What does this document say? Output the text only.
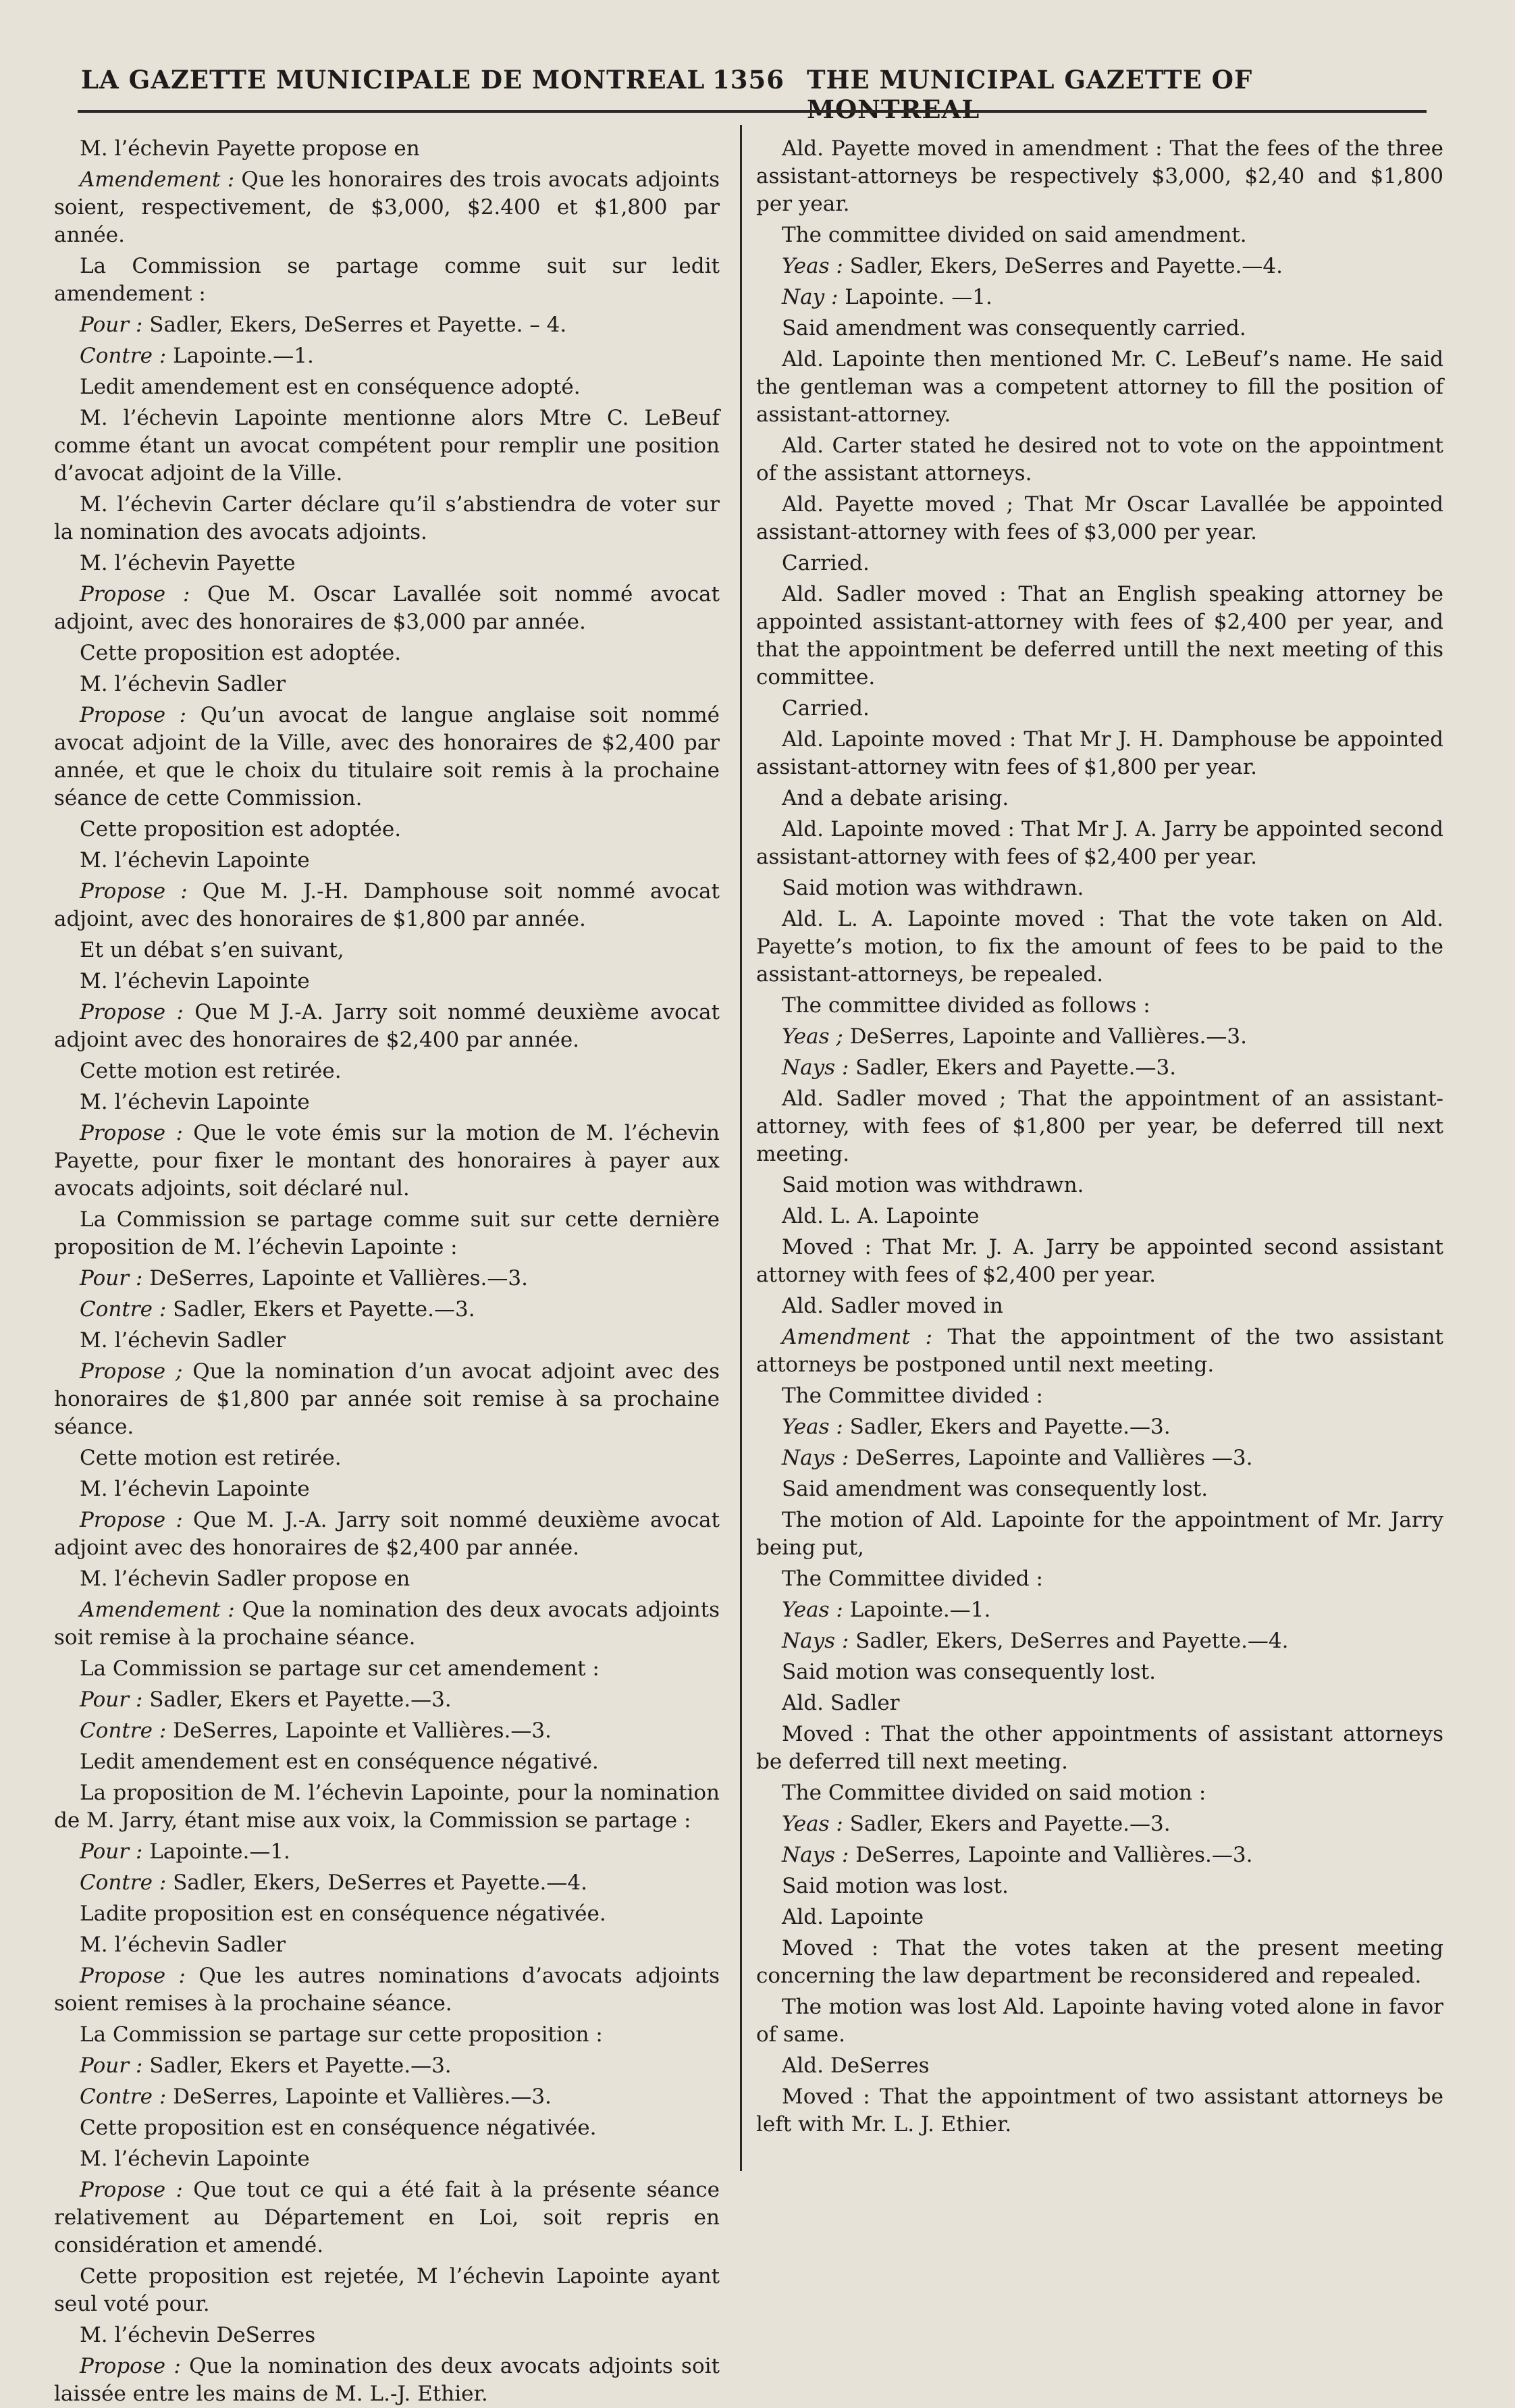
LA GAZETTE MUNICIPALE DE MONTREAL 1356 THE MUNICIPAL GAZETTE OF MONTREAL
M. l’échevin Payette propose en
Amendement : Que les honoraires des trois avocats adjoints soient, respectivement, de $3,000, $2.400 et $1,800 par année.
La Commission se partage comme suit sur ledit amendement :
Pour : Sadler, Ekers, DeSerres et Payette. – 4.
Contre : Lapointe.—1.
Ledit amendement est en conséquence adopté.
M. l’échevin Lapointe mentionne alors Mtre C. LeBeuf comme étant un avocat compétent pour remplir une position d’avocat adjoint de la Ville.
M. l’échevin Carter déclare qu’il s’abstiendra de voter sur la nomination des avocats adjoints.
M. l’échevin Payette
Propose : Que M. Oscar Lavallée soit nommé avocat adjoint, avec des honoraires de $3,000 par année.
Cette proposition est adoptée.
M. l’échevin Sadler
Propose : Qu’un avocat de langue anglaise soit nommé avocat adjoint de la Ville, avec des honoraires de $2,400 par année, et que le choix du titulaire soit remis à la prochaine séance de cette Commission.
Cette proposition est adoptée.
M. l’échevin Lapointe
Propose : Que M. J.-H. Damphouse soit nommé avocat adjoint, avec des honoraires de $1,800 par année.
Et un débat s’en suivant,
M. l’échevin Lapointe
Propose : Que M J.-A. Jarry soit nommé deuxième avocat adjoint avec des honoraires de $2,400 par année.
Cette motion est retirée.
M. l’échevin Lapointe
Propose : Que le vote émis sur la motion de M. l’échevin Payette, pour fixer le montant des honoraires à payer aux avocats adjoints, soit déclaré nul.
La Commission se partage comme suit sur cette dernière proposition de M. l’échevin Lapointe :
Pour : DeSerres, Lapointe et Vallières.—3.
Contre : Sadler, Ekers et Payette.—3.
M. l’échevin Sadler
Propose ; Que la nomination d’un avocat adjoint avec des honoraires de $1,800 par année soit remise à sa prochaine séance.
Cette motion est retirée.
M. l’échevin Lapointe
Propose : Que M. J.-A. Jarry soit nommé deuxième avocat adjoint avec des honoraires de $2,400 par année.
M. l’échevin Sadler propose en
Amendement : Que la nomination des deux avocats adjoints soit remise à la prochaine séance.
La Commission se partage sur cet amendement :
Pour : Sadler, Ekers et Payette.—3.
Contre : DeSerres, Lapointe et Vallières.—3.
Ledit amendement est en conséquence négativé.
La proposition de M. l’échevin Lapointe, pour la nomination de M. Jarry, étant mise aux voix, la Commission se partage :
Pour : Lapointe.—1.
Contre : Sadler, Ekers, DeSerres et Payette.—4.
Ladite proposition est en conséquence négativée.
M. l’échevin Sadler
Propose : Que les autres nominations d’avocats adjoints soient remises à la prochaine séance.
La Commission se partage sur cette proposition :
Pour : Sadler, Ekers et Payette.—3.
Contre : DeSerres, Lapointe et Vallières.—3.
Cette proposition est en conséquence négativée.
M. l’échevin Lapointe
Propose : Que tout ce qui a été fait à la présente séance relativement au Département en Loi, soit repris en considération et amendé.
Cette proposition est rejetée, M l’échevin Lapointe ayant seul voté pour.
M. l’échevin DeSerres
Propose : Que la nomination des deux avocats adjoints soit laissée entre les mains de M. L.-J. Ethier.
Ald. Payette moved in amendment : That the fees of the three assistant-attorneys be respectively $3,000, $2,40 and $1,800 per year.
The committee divided on said amendment.
Yeas : Sadler, Ekers, DeSerres and Payette.—4.
Nay : Lapointe. —1.
Said amendment was consequently carried.
Ald. Lapointe then mentioned Mr. C. LeBeuf’s name. He said the gentleman was a competent attorney to fill the position of assistant-attorney.
Ald. Carter stated he desired not to vote on the appointment of the assistant attorneys.
Ald. Payette moved ; That Mr Oscar Lavallée be appointed assistant-attorney with fees of $3,000 per year.
Carried.
Ald. Sadler moved : That an English speaking attorney be appointed assistant-attorney with fees of $2,400 per year, and that the appointment be deferred untill the next meeting of this committee.
Carried.
Ald. Lapointe moved : That Mr J. H. Damphouse be appointed assistant-attorney witn fees of $1,800 per year.
And a debate arising.
Ald. Lapointe moved : That Mr J. A. Jarry be appointed second assistant-attorney with fees of $2,400 per year.
Said motion was withdrawn.
Ald. L. A. Lapointe moved : That the vote taken on Ald. Payette’s motion, to fix the amount of fees to be paid to the assistant-attorneys, be repealed.
The committee divided as follows :
Yeas ; DeSerres, Lapointe and Vallières.—3.
Nays : Sadler, Ekers and Payette.—3.
Ald. Sadler moved ; That the appointment of an assistant-attorney, with fees of $1,800 per year, be deferred till next meeting.
Said motion was withdrawn.
Ald. L. A. Lapointe
Moved : That Mr. J. A. Jarry be appointed second assistant attorney with fees of $2,400 per year.
Ald. Sadler moved in
Amendment : That the appointment of the two assistant attorneys be postponed until next meeting.
The Committee divided :
Yeas : Sadler, Ekers and Payette.—3.
Nays : DeSerres, Lapointe and Vallières —3.
Said amendment was consequently lost.
The motion of Ald. Lapointe for the appointment of Mr. Jarry being put,
The Committee divided :
Yeas : Lapointe.—1.
Nays : Sadler, Ekers, DeSerres and Payette.—4.
Said motion was consequently lost.
Ald. Sadler
Moved : That the other appointments of assistant attorneys be deferred till next meeting.
The Committee divided on said motion :
Yeas : Sadler, Ekers and Payette.—3.
Nays : DeSerres, Lapointe and Vallières.—3.
Said motion was lost.
Ald. Lapointe
Moved : That the votes taken at the present meeting concerning the law department be reconsidered and repealed.
The motion was lost Ald. Lapointe having voted alone in favor of same.
Ald. DeSerres
Moved : That the appointment of two assistant attorneys be left with Mr. L. J. Ethier.
